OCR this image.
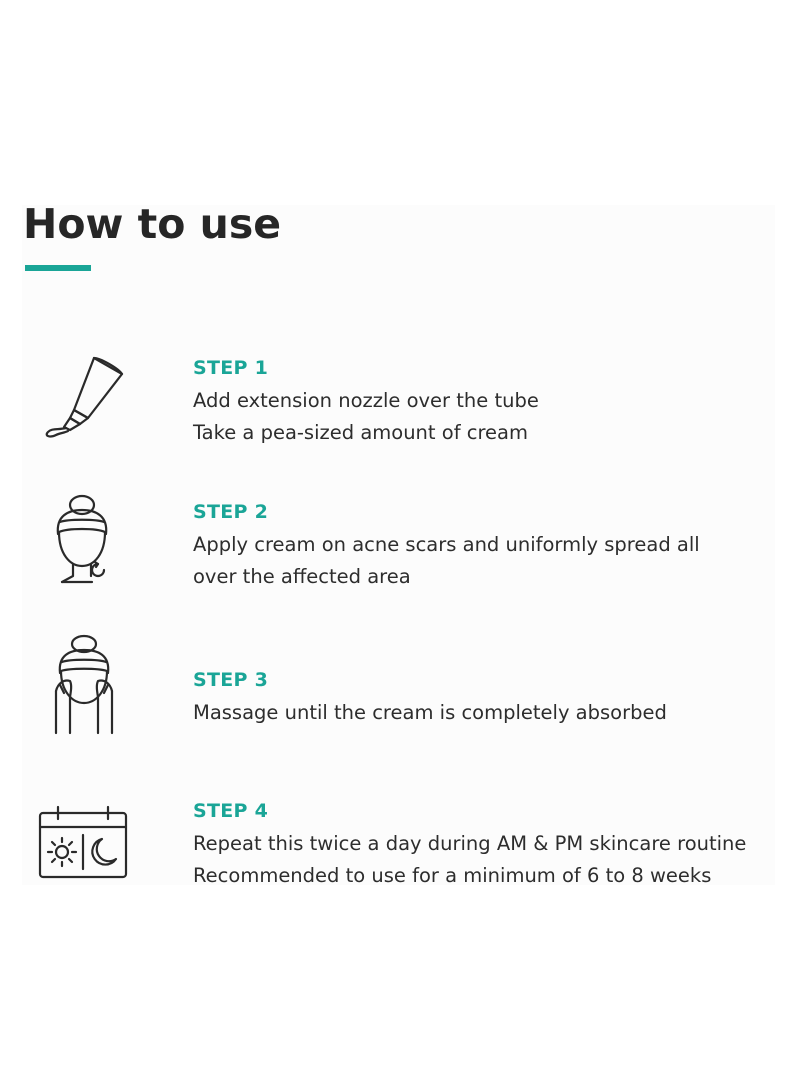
How to use
STEP 1
Add extension nozzle over the tube
Take a pea-sized amount of cream
STEP 2
Apply cream on acne scars and uniformly spread all
over the affected area
STEP 3
Massage until the cream is completely absorbed
STEP 4
Repeat this twice a day during AM & PM skincare routine
Recommended to use for a minimum of 6 to 8 weeks
